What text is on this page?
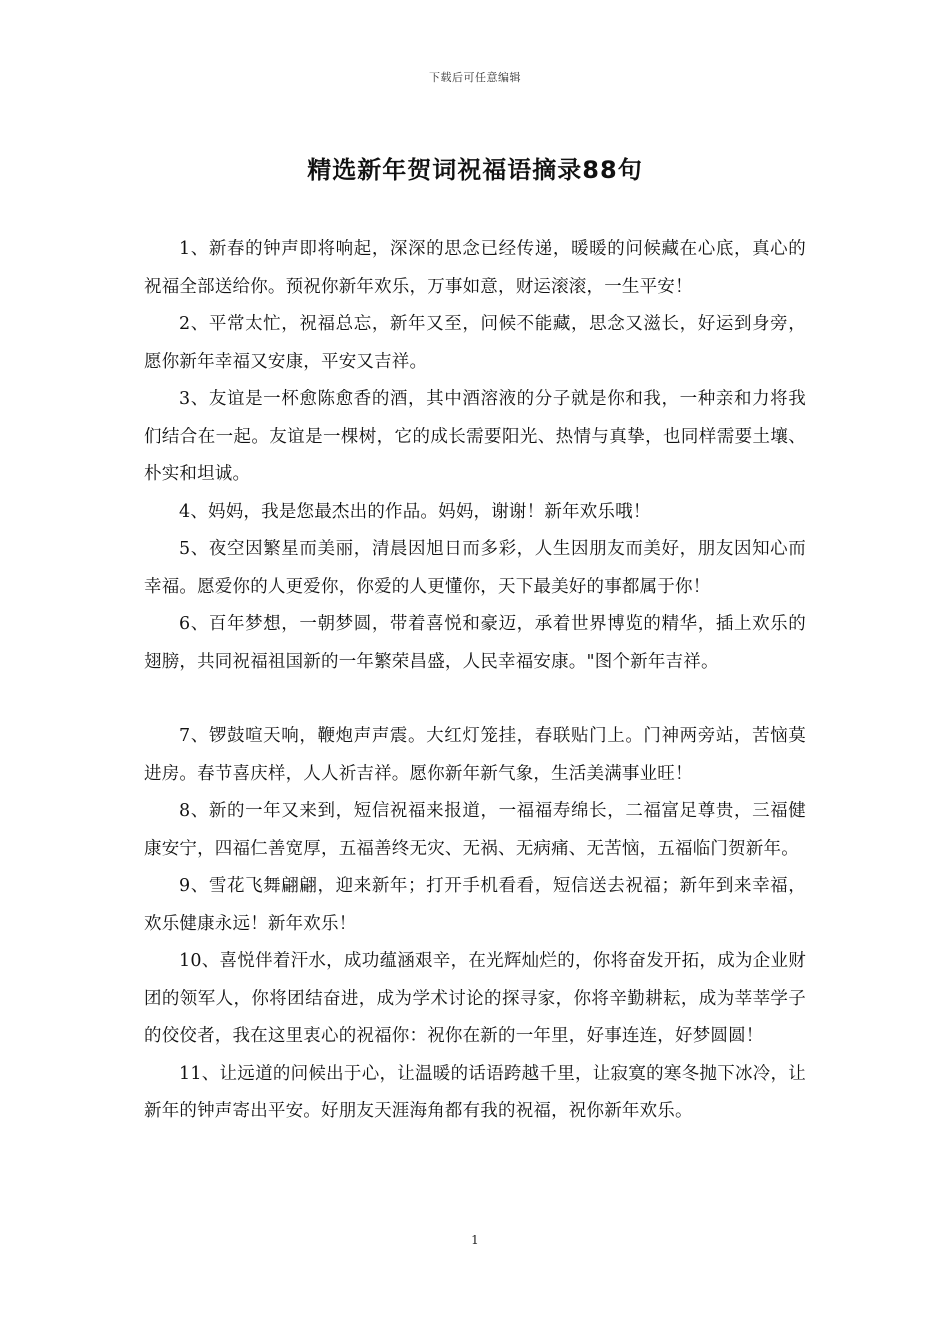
下载后可任意编辑
精选新年贺词祝福语摘录88句

1、新春的钟声即将响起，深深的思念已经传递，暖暖的问候藏在心底，真心的祝福全部送给你。预祝你新年欢乐，万事如意，财运滚滚，一生平安！

2、平常太忙，祝福总忘，新年又至，问候不能藏，思念又滋长，好运到身旁，愿你新年幸福又安康，平安又吉祥。

3、友谊是一杯愈陈愈香的酒，其中酒溶液的分子就是你和我，一种亲和力将我们结合在一起。友谊是一棵树，它的成长需要阳光、热情与真挚，也同样需要土壤、朴实和坦诚。

4、妈妈，我是您最杰出的作品。妈妈，谢谢！新年欢乐哦！

5、夜空因繁星而美丽，清晨因旭日而多彩，人生因朋友而美好，朋友因知心而幸福。愿爱你的人更爱你，你爱的人更懂你，天下最美好的事都属于你！

6、百年梦想，一朝梦圆，带着喜悦和豪迈，承着世界博览的精华，插上欢乐的翅膀，共同祝福祖国新的一年繁荣昌盛，人民幸福安康。"图个新年吉祥。

7、锣鼓喧天响，鞭炮声声震。大红灯笼挂，春联贴门上。门神两旁站，苦恼莫进房。春节喜庆样，人人祈吉祥。愿你新年新气象，生活美满事业旺！

8、新的一年又来到，短信祝福来报道，一福福寿绵长，二福富足尊贵，三福健康安宁，四福仁善宽厚，五福善终无灾、无祸、无病痛、无苦恼，五福临门贺新年。

9、雪花飞舞翩翩，迎来新年；打开手机看看，短信送去祝福；新年到来幸福，欢乐健康永远！新年欢乐！

10、喜悦伴着汗水，成功蕴涵艰辛，在光辉灿烂的，你将奋发开拓，成为企业财团的领军人，你将团结奋进，成为学术讨论的探寻家，你将辛勤耕耘，成为莘莘学子的佼佼者，我在这里衷心的祝福你：祝你在新的一年里，好事连连，好梦圆圆！

11、让远道的问候出于心，让温暖的话语跨越千里，让寂寞的寒冬抛下冰冷，让新年的钟声寄出平安。好朋友天涯海角都有我的祝福，祝你新年欢乐。

1
